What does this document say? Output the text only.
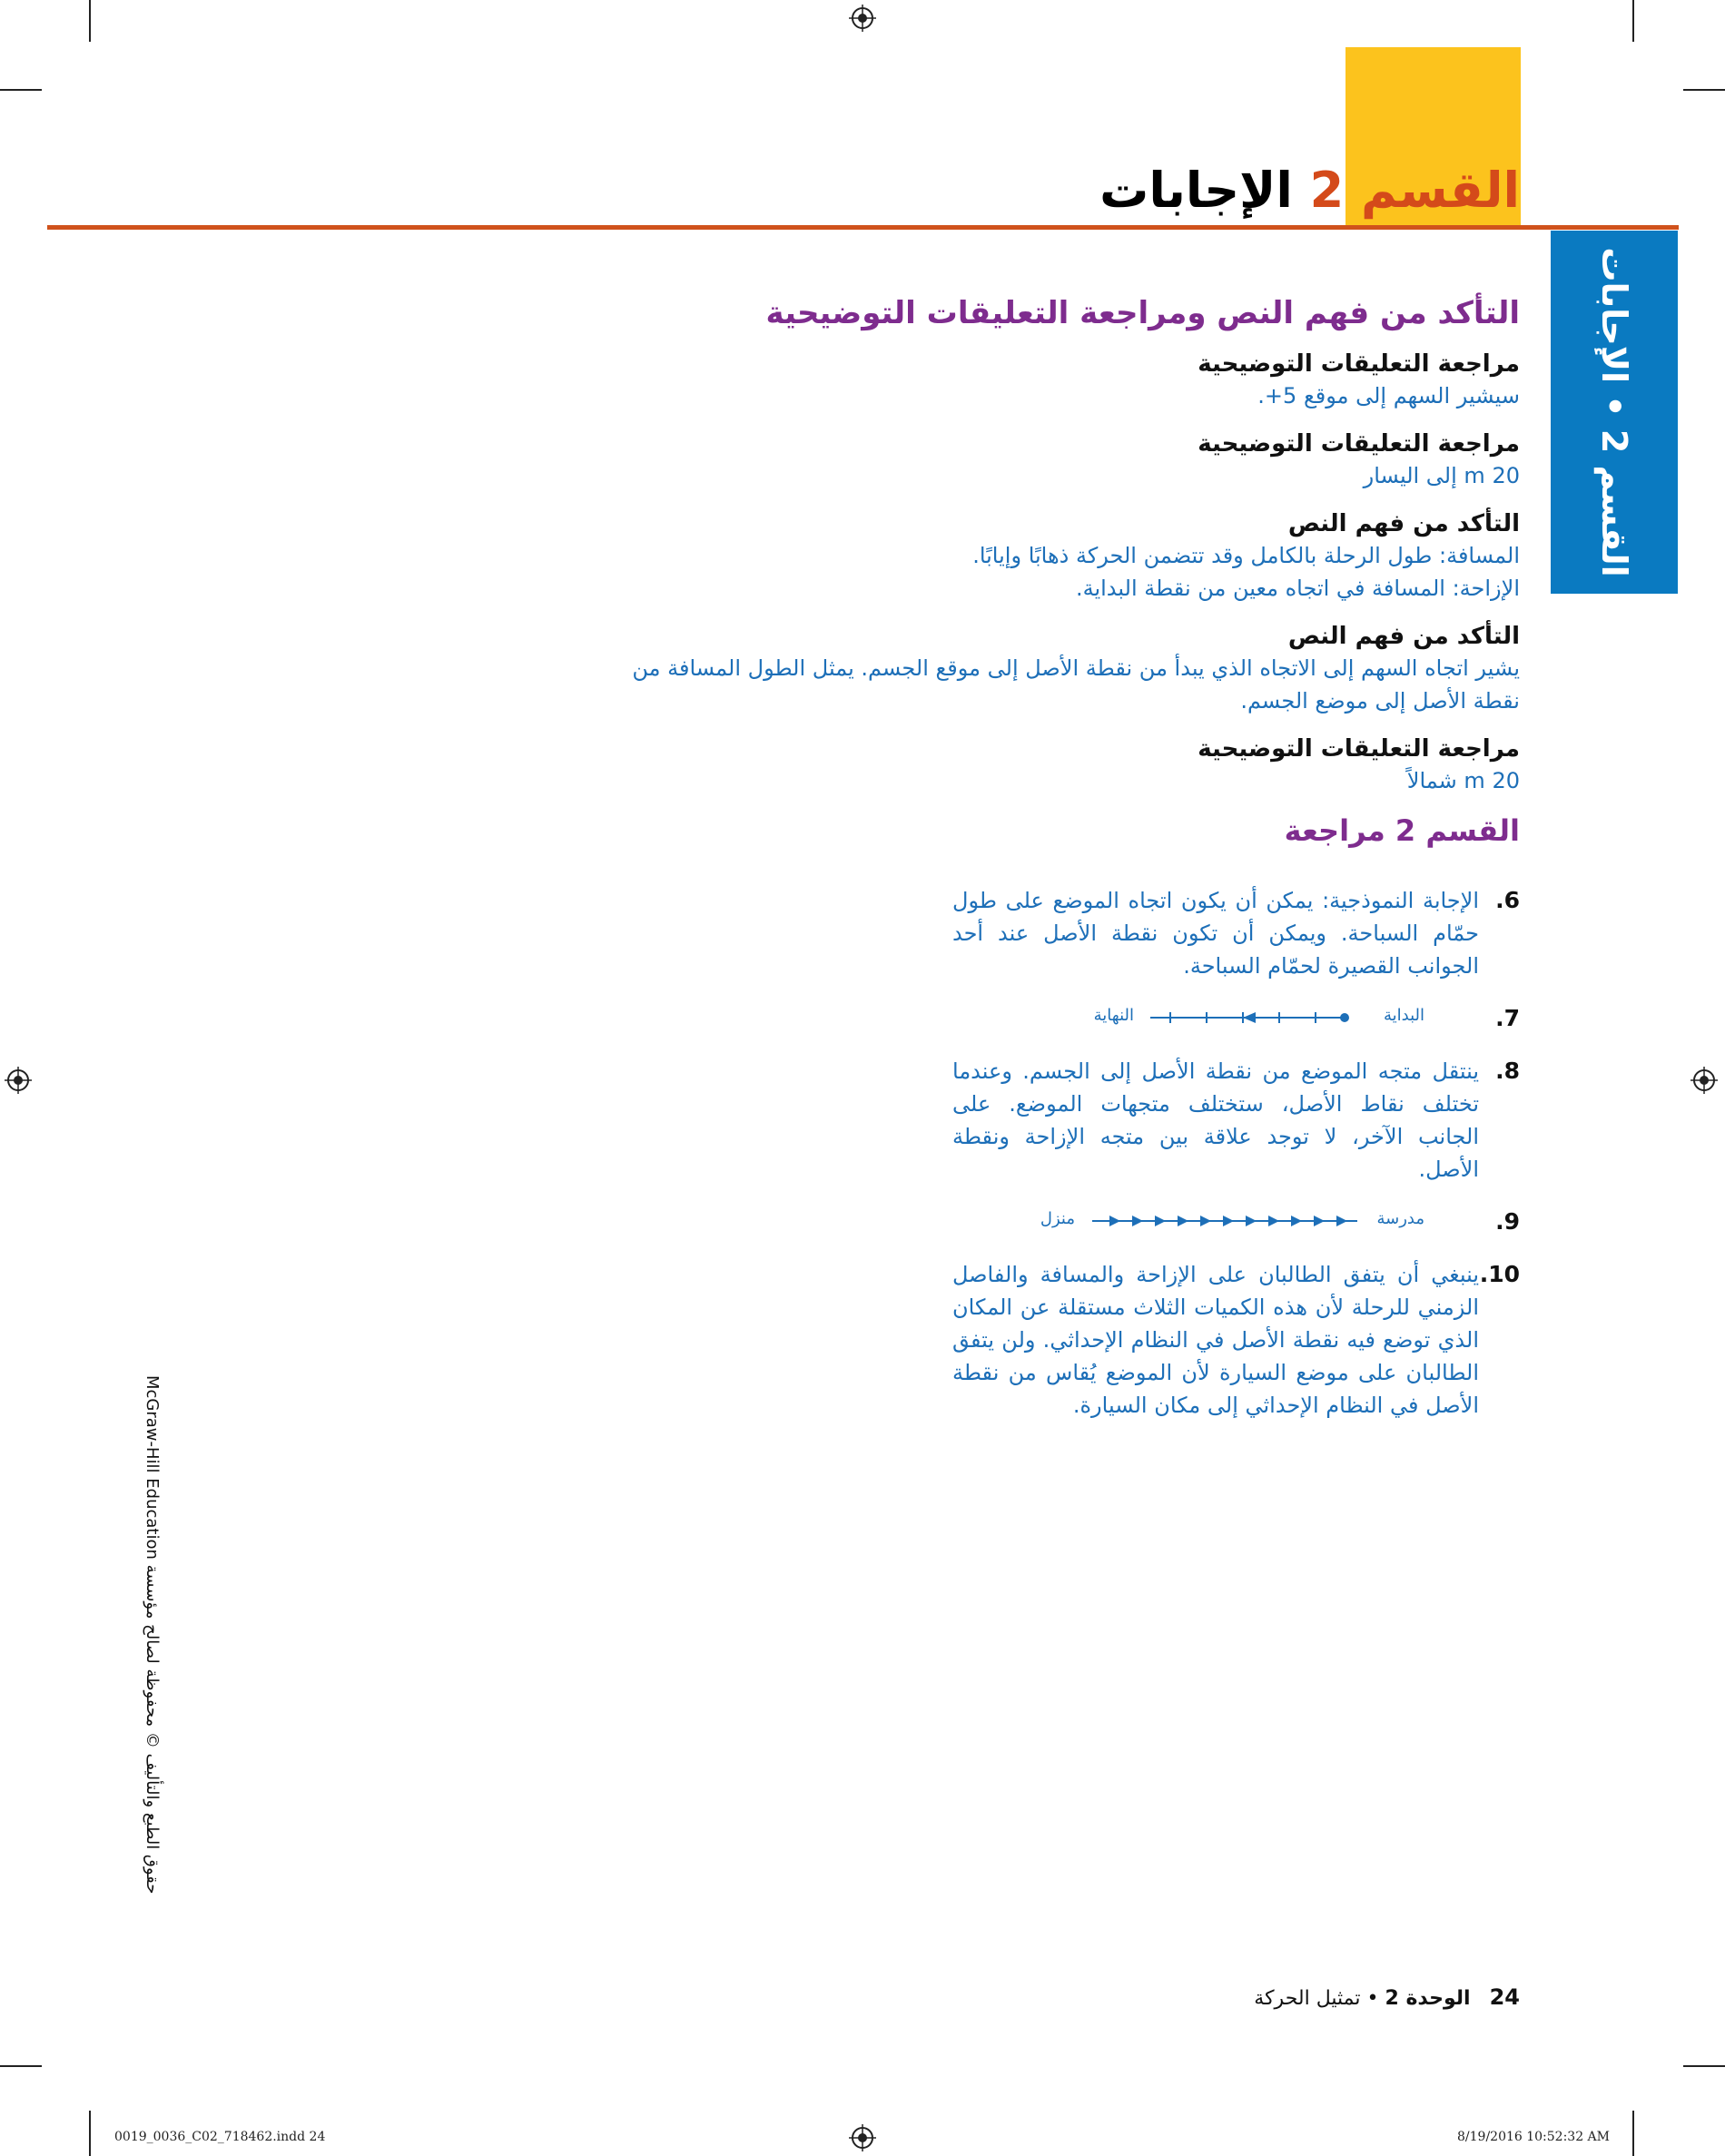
القسم 2 الإجابات
القسم 2 • الإجابات
التأكد من فهم النص ومراجعة التعليقات التوضيحية
مراجعة التعليقات التوضيحية
سيشير السهم إلى موقع 5+.
مراجعة التعليقات التوضيحية
20 m إلى اليسار
التأكد من فهم النص
المسافة: طول الرحلة بالكامل وقد تتضمن الحركة ذهابًا وإيابًا.
الإزاحة: المسافة في اتجاه معين من نقطة البداية.
التأكد من فهم النص
يشير اتجاه السهم إلى الاتجاه الذي يبدأ من نقطة الأصل إلى موقع الجسم. يمثل الطول المسافة من نقطة الأصل إلى موضع الجسم.
مراجعة التعليقات التوضيحية
20 m شمالاً
القسم 2 مراجعة
6.
الإجابة النموذجية: يمكن أن يكون اتجاه الموضع على طول حمّام السباحة. ويمكن أن تكون نقطة الأصل عند أحد الجوانب القصيرة لحمّام السباحة.
7.
البداية
النهاية
8.
ينتقل متجه الموضع من نقطة الأصل إلى الجسم. وعندما تختلف نقاط الأصل، ستختلف متجهات الموضع. على الجانب الآخر، لا توجد علاقة بين متجه الإزاحة ونقطة الأصل.
9.
مدرسة
منزل
10.
ينبغي أن يتفق الطالبان على الإزاحة والمسافة والفاصل الزمني للرحلة لأن هذه الكميات الثلاث مستقلة عن المكان الذي توضع فيه نقطة الأصل في النظام الإحداثي. ولن يتفق الطالبان على موضع السيارة لأن الموضع يُقاس من نقطة الأصل في النظام الإحداثي إلى مكان السيارة.
حقوق الطبع والتأليف © محفوظة لصالح مؤسسة McGraw-Hill Education
24 الوحدة 2 • تمثيل الحركة
0019_0036_C02_718462.indd 24	8/19/2016 10:52:32 AM
